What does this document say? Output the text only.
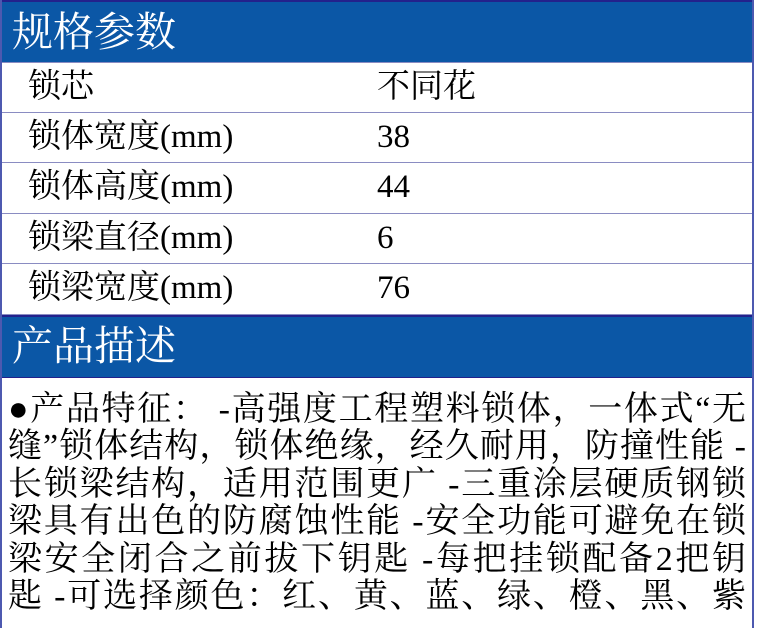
规格参数
锁芯	不同花
锁体宽度(mm)	38
锁体高度(mm)	44
锁梁直径(mm)	6
锁梁宽度(mm)	76
产品描述
●产品特征： -高强度工程塑料锁体，一体式“无
缝”锁体结构，锁体绝缘，经久耐用，防撞性能 -
长锁梁结构，适用范围更广 -三重涂层硬质钢锁
梁具有出色的防腐蚀性能 -安全功能可避免在锁
梁安全闭合之前拔下钥匙 -每把挂锁配备2把钥
匙 -可选择颜色：红、黄、蓝、绿、橙、黑、紫
